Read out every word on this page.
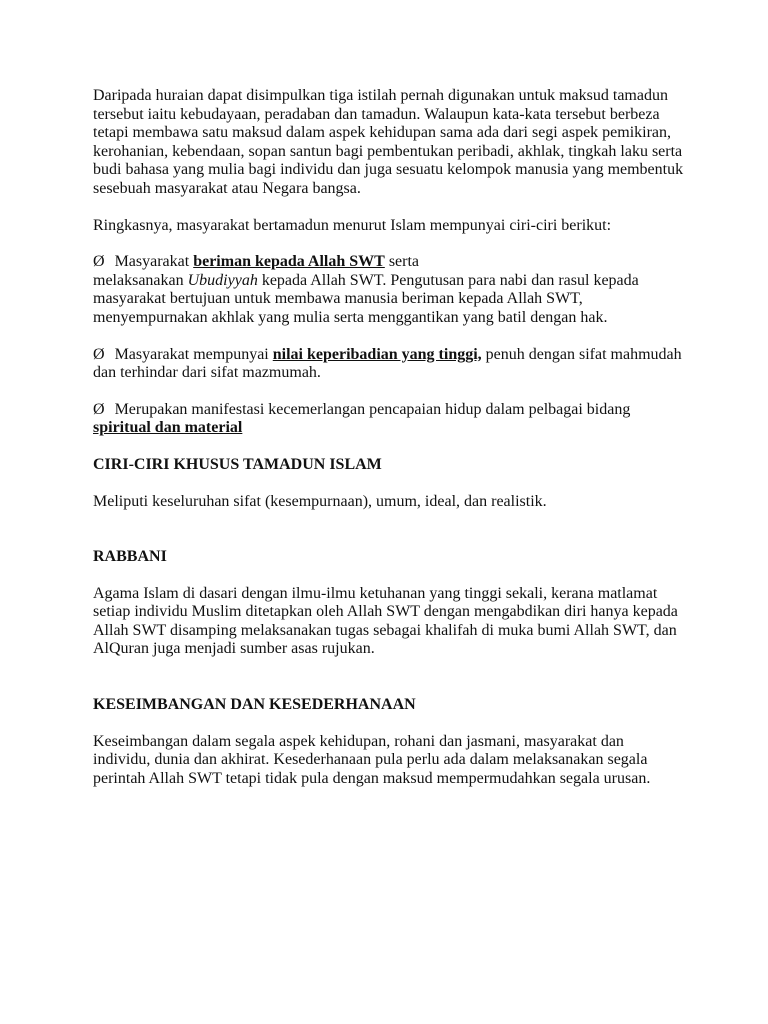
Daripada huraian dapat disimpulkan tiga istilah pernah digunakan untuk maksud tamadun tersebut iaitu kebudayaan, peradaban dan tamadun. Walaupun kata-kata tersebut berbeza tetapi membawa satu maksud dalam aspek kehidupan sama ada dari segi aspek pemikiran, kerohanian, kebendaan, sopan santun bagi pembentukan peribadi, akhlak, tingkah laku serta budi bahasa yang mulia bagi individu dan juga sesuatu kelompok manusia yang membentuk sesebuah masyarakat atau Negara bangsa.

Ringkasnya, masyarakat bertamadun menurut Islam mempunyai ciri-ciri berikut:

Ø Masyarakat beriman kepada Allah SWT serta
melaksanakan Ubudiyyah kepada Allah SWT. Pengutusan para nabi dan rasul kepada masyarakat bertujuan untuk membawa manusia beriman kepada Allah SWT, menyempurnakan akhlak yang mulia serta menggantikan yang batil dengan hak.

Ø Masyarakat mempunyai nilai keperibadian yang tinggi, penuh dengan sifat mahmudah dan terhindar dari sifat mazmumah.

Ø Merupakan manifestasi kecemerlangan pencapaian hidup dalam pelbagai bidang spiritual dan material

CIRI-CIRI KHUSUS TAMADUN ISLAM

Meliputi keseluruhan sifat (kesempurnaan), umum, ideal, dan realistik.

RABBANI

Agama Islam di dasari dengan ilmu-ilmu ketuhanan yang tinggi sekali, kerana matlamat setiap individu Muslim ditetapkan oleh Allah SWT dengan mengabdikan diri hanya kepada Allah SWT disamping melaksanakan tugas sebagai khalifah di muka bumi Allah SWT, dan AlQuran juga menjadi sumber asas rujukan.

KESEIMBANGAN DAN KESEDERHANAAN

Keseimbangan dalam segala aspek kehidupan, rohani dan jasmani, masyarakat dan individu, dunia dan akhirat. Kesederhanaan pula perlu ada dalam melaksanakan segala perintah Allah SWT tetapi tidak pula dengan maksud mempermudahkan segala urusan.
